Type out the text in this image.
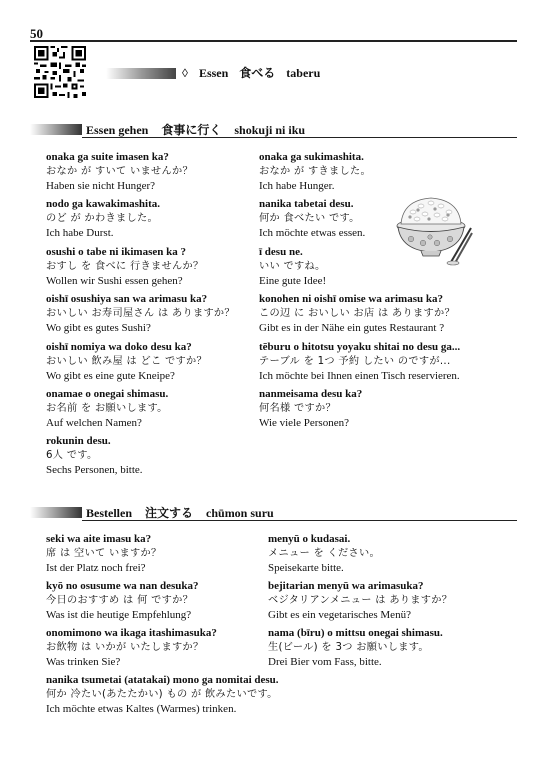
50
◊ Essen 食べる taberu
Essen gehen 食事に行く shokuji ni iku
onaka ga suite imasen ka?
おなか が すいて いませんか？
Haben sie nicht Hunger?
onaka ga sukimashita.
おなか が すきました。
Ich habe Hunger.
nodo ga kawakimashita.
のど が かわきました。
Ich habe Durst.
nanika tabetai desu.
何か 食べたい です。
Ich möchte etwas essen.
osushi o tabe ni ikimasen ka ?
おすし を 食べに 行きませんか？
Wollen wir Sushi essen gehen?
ī desu ne.
いい ですね。
Eine gute Idee!
oishī osushiya san wa arimasu ka?
おいしい お寿司屋さん は ありますか？
Wo gibt es gutes Sushi?
konohen ni oishī omise wa arimasu ka?
この辺 に おいしい お店 は ありますか？
Gibt es in der Nähe ein gutes Restaurant ?
oishī nomiya wa doko desu ka?
おいしい 飲み屋 は どこ ですか？
Wo gibt es eine gute Kneipe?
tēburu o hitotsu yoyaku shitai no desu ga...
テーブル を 1つ 予約 したい のですが...
Ich möchte bei Ihnen einen Tisch reservieren.
onamae o onegai shimasu.
お名前 を お願いします。
Auf welchen Namen?
nanmeisama desu ka?
何名様 ですか？
Wie viele Personen?
rokunin desu.
6人 です。
Sechs Personen, bitte.
Bestellen 注文する chūmon suru
seki wa aite imasu ka?
席 は 空いて いますか？
Ist der Platz noch frei?
menyū o kudasai.
メニュー を ください。
Speisekarte bitte.
kyō no osusume wa nan desuka?
今日のおすすめ は 何 ですか？
Was ist die heutige Empfehlung?
bejitarian menyū wa arimasuka?
ベジタリアンメニュー は ありますか？
Gibt es ein vegetarisches Menü?
onomimono wa ikaga itashimasuka?
お飲物 は いかが いたしますか？
Was trinken Sie?
nama (bīru) o mittsu onegai shimasu.
生(ビール) を 3つ お願いします。
Drei Bier vom Fass, bitte.
nanika tsumetai (atatakai) mono ga nomitai desu.
何か 冷たい(あたたかい) もの が 飲みたいです。
Ich möchte etwas Kaltes (Warmes) trinken.
